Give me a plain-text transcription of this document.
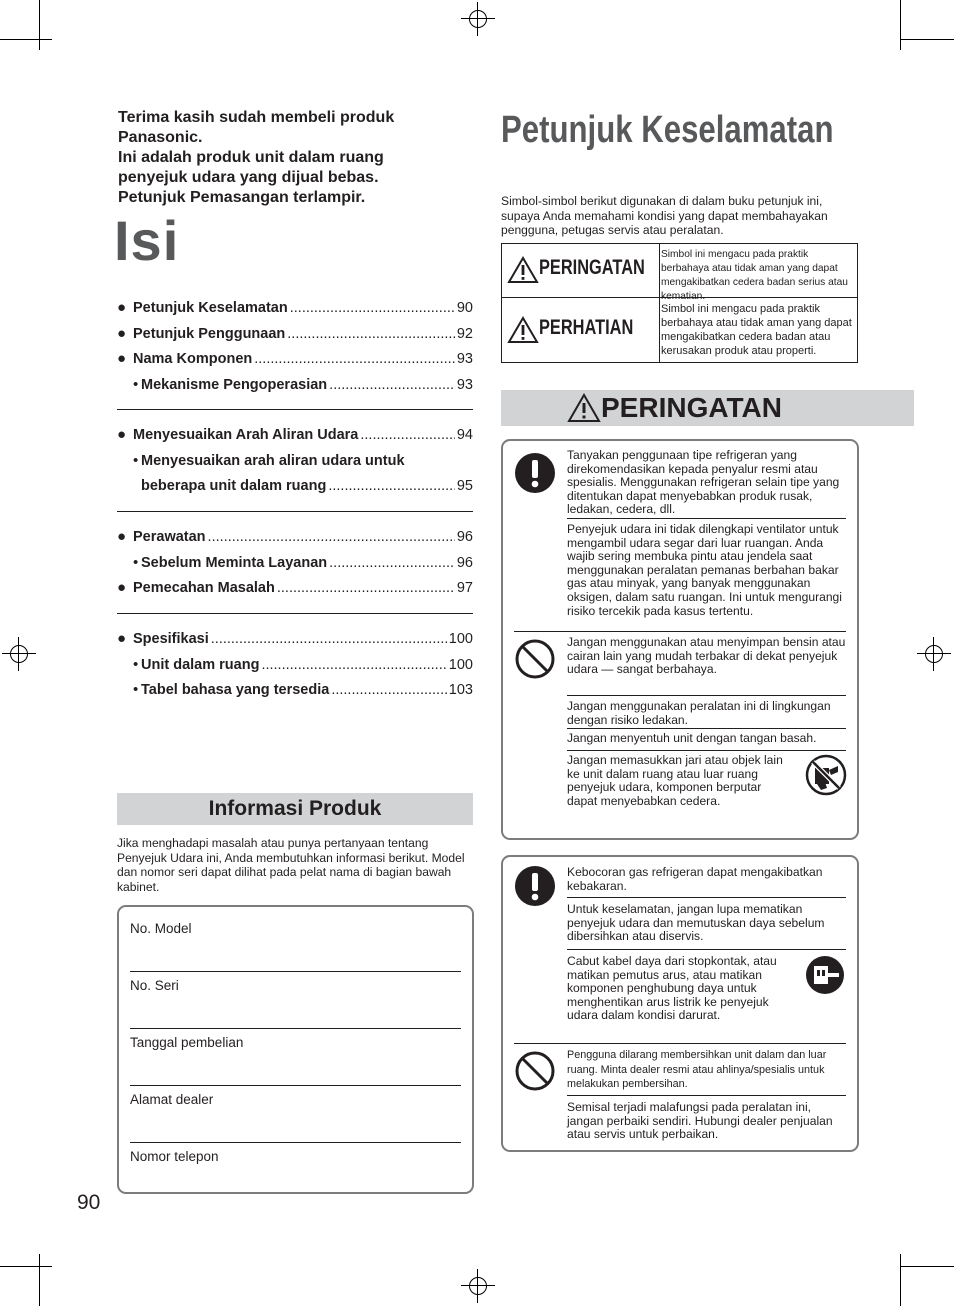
Terima kasih sudah membeli produk
Panasonic.
Ini adalah produk unit dalam ruang
penyejuk udara yang dijual bebas.
Petunjuk Pemasangan terlampir.
Isi
● Petunjuk Keselamatan .....	90
● Petunjuk Penggunaan .....	92
● Nama Komponen .....	93
• Mekanisme Pengoperasian .....	93
● Menyesuaikan Arah Aliran Udara .....	94
• Menyesuaikan arah aliran udara untuk
beberapa unit dalam ruang .....	95
● Perawatan .....	96
• Sebelum Meminta Layanan .....	96
● Pemecahan Masalah .....	97
● Spesifikasi .....	100
• Unit dalam ruang .....	100
• Tabel bahasa yang tersedia .....	103
Informasi Produk
Jika menghadapi masalah atau punya pertanyaan tentang Penyejuk Udara ini, Anda membutuhkan informasi berikut. Model dan nomor seri dapat dilihat pada pelat nama di bagian bawah kabinet.
No. Model
No. Seri
Tanggal pembelian
Alamat dealer
Nomor telepon
90
Petunjuk Keselamatan
Simbol-simbol berikut digunakan di dalam buku petunjuk ini, supaya Anda memahami kondisi yang dapat membahayakan pengguna, petugas servis atau peralatan.
PERINGATAN
Simbol ini mengacu pada praktik berbahaya atau tidak aman yang dapat mengakibatkan cedera badan serius atau kematian.
PERHATIAN
Simbol ini mengacu pada praktik berbahaya atau tidak aman yang dapat mengakibatkan cedera badan atau kerusakan produk atau properti.
PERINGATAN
Tanyakan penggunaan tipe refrigeran yang direkomendasikan kepada penyalur resmi atau spesialis. Menggunakan refrigeran selain tipe yang ditentukan dapat menyebabkan produk rusak, ledakan, cedera, dll.
Penyejuk udara ini tidak dilengkapi ventilator untuk mengambil udara segar dari luar ruangan. Anda wajib sering membuka pintu atau jendela saat menggunakan peralatan pemanas berbahan bakar gas atau minyak, yang banyak menggunakan oksigen, dalam satu ruangan. Ini untuk mengurangi risiko tercekik pada kasus tertentu.
Jangan menggunakan atau menyimpan bensin atau cairan lain yang mudah terbakar di dekat penyejuk udara — sangat berbahaya.
Jangan menggunakan peralatan ini di lingkungan dengan risiko ledakan.
Jangan menyentuh unit dengan tangan basah.
Jangan memasukkan jari atau objek lain ke unit dalam ruang atau luar ruang penyejuk udara, komponen berputar dapat menyebabkan cedera.
Kebocoran gas refrigeran dapat mengakibatkan kebakaran.
Untuk keselamatan, jangan lupa mematikan penyejuk udara dan memutuskan daya sebelum dibersihkan atau diservis.
Cabut kabel daya dari stopkontak, atau matikan pemutus arus, atau matikan komponen penghubung daya untuk menghentikan arus listrik ke penyejuk udara dalam kondisi darurat.
Pengguna dilarang membersihkan unit dalam dan luar ruang. Minta dealer resmi atau ahlinya/spesialis untuk melakukan pembersihan.
Semisal terjadi malafungsi pada peralatan ini, jangan perbaiki sendiri. Hubungi dealer penjualan atau servis untuk perbaikan.
